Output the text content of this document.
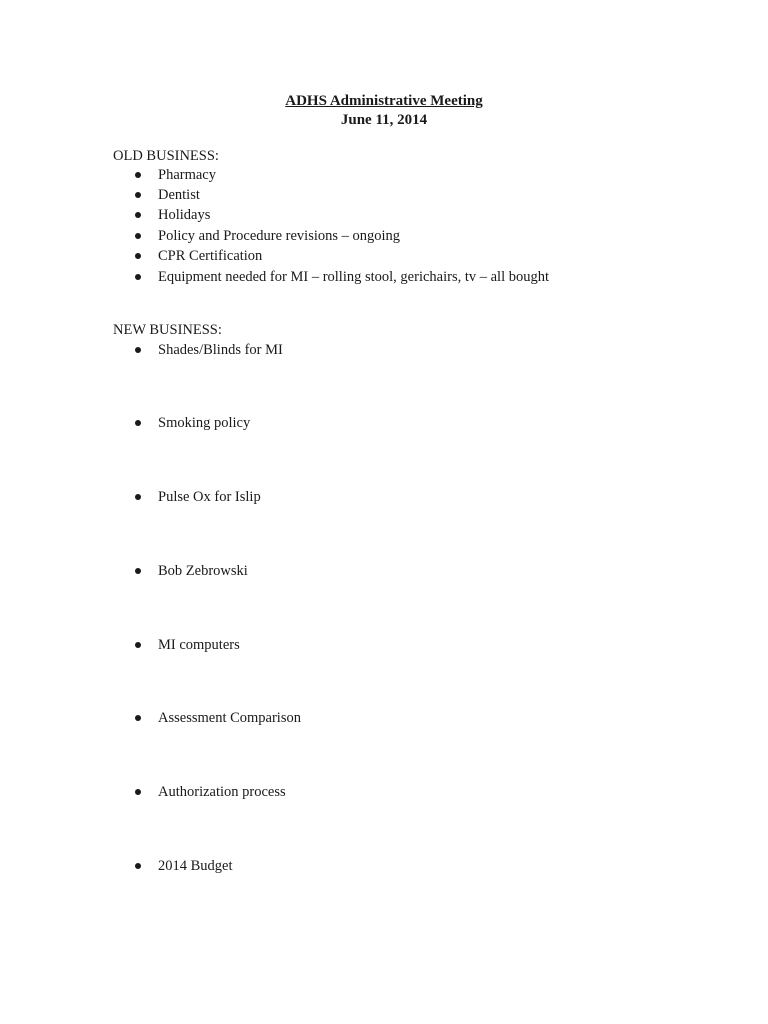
ADHS Administrative Meeting
June 11, 2014
OLD BUSINESS:
Pharmacy
Dentist
Holidays
Policy and Procedure revisions – ongoing
CPR Certification
Equipment needed for MI – rolling stool, gerichairs, tv – all bought
NEW BUSINESS:
Shades/Blinds for MI
Smoking policy
Pulse Ox for Islip
Bob Zebrowski
MI computers
Assessment Comparison
Authorization process
2014 Budget
